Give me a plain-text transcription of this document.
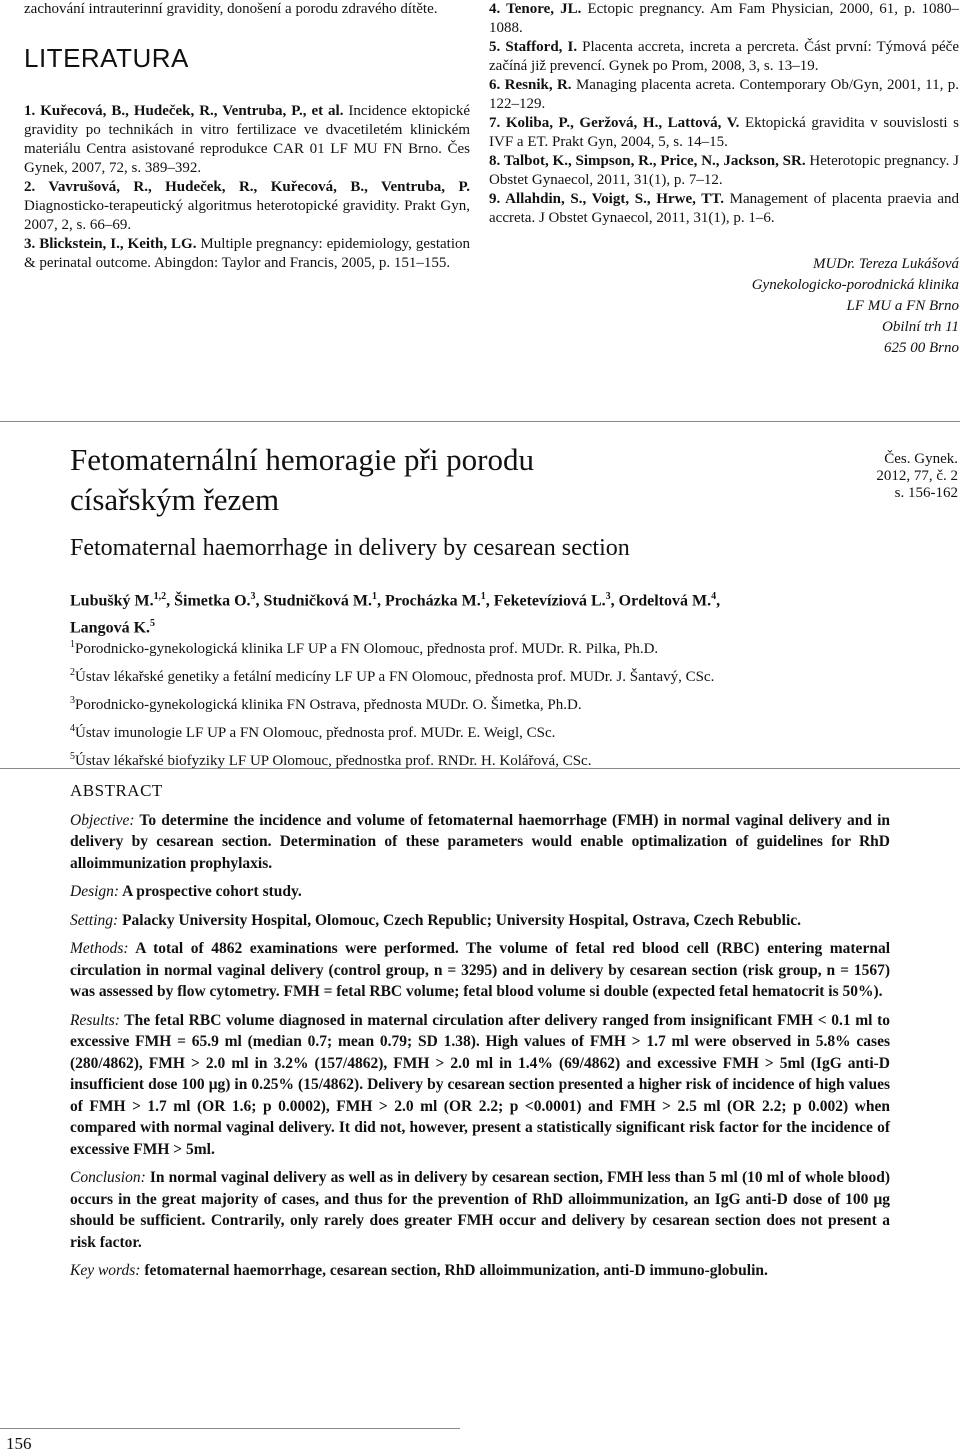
zachování intrauterinní gravidity, donošení a porodu zdravého dítěte.
LITERATURA

1. Kuřecová, B., Hudeček, R., Ventruba, P., et al. Incidence ektopické gravidity po technikách in vitro fertilizace ve dvacetiletém klinickém materiálu Centra asistované reprodukce CAR 01 LF MU FN Brno. Čes Gynek, 2007, 72, s. 389–392.

2. Vavrušová, R., Hudeček, R., Kuřecová, B., Ventruba, P. Diagnosticko-terapeutický algoritmus heterotopické gravidity. Prakt Gyn, 2007, 2, s. 66–69.

3. Blickstein, I., Keith, LG. Multiple pregnancy: epidemiology, gestation & perinatal outcome. Abingdon: Taylor and Francis, 2005, p. 151–155.

4. Tenore, JL. Ectopic pregnancy. Am Fam Physician, 2000, 61, p. 1080–1088.

5. Stafford, I. Placenta accreta, increta a percreta. Část první: Týmová péče začíná již prevencí. Gynek po Prom, 2008, 3, s. 13–19.

6. Resnik, R. Managing placenta acreta. Contemporary Ob/Gyn, 2001, 11, p. 122–129.

7. Koliba, P., Geržová, H., Lattová, V. Ektopická gravidita v souvislosti s IVF a ET. Prakt Gyn, 2004, 5, s. 14–15.

8. Talbot, K., Simpson, R., Price, N., Jackson, SR. Heterotopic pregnancy. J Obstet Gynaecol, 2011, 31(1), p. 7–12.

9. Allahdin, S., Voigt, S., Hrwe, TT. Management of placenta praevia and accreta. J Obstet Gynaecol, 2011, 31(1), p. 1–6.

MUDr. Tereza Lukášová
Gynekologicko-porodnická klinika
LF MU a FN Brno
Obilní trh 11
625 00 Brno
Fetomaternální hemoragie při porodu
císařským řezem
Fetomaternal haemorrhage in delivery by cesarean section
Čes. Gynek.
2012, 77, č. 2
s. 156-162
Lubušký M.$^{1,2}$, Šimetka O.$^3$, Studničková M.$^1$, Procházka M.$^1$, Feketevíziová L.$^3$, Ordeltová M.$^4$,
Langová K.$^5$
$^1$Porodnicko-gynekologická klinika LF UP a FN Olomouc, přednosta prof. MUDr. R. Pilka, Ph.D.
$^2$Ústav lékařské genetiky a fetální medicíny LF UP a FN Olomouc, přednosta prof. MUDr. J. Šantavý, CSc.
$^3$Porodnicko-gynekologická klinika FN Ostrava, přednosta MUDr. O. Šimetka, Ph.D.
$^4$Ústav imunologie LF UP a FN Olomouc, přednosta prof. MUDr. E. Weigl, CSc.
$^5$Ústav lékařské biofyziky LF UP Olomouc, přednostka prof. RNDr. H. Kolářová, CSc.
ABSTRACT

Objective: To determine the incidence and volume of fetomaternal haemorrhage (FMH) in normal vaginal delivery and in delivery by cesarean section. Determination of these parameters would enable optimalization of guidelines for RhD alloimmunization prophylaxis.

Design: A prospective cohort study.

Setting: Palacky University Hospital, Olomouc, Czech Republic; University Hospital, Ostrava, Czech Rebublic.

Methods: A total of 4862 examinations were performed. The volume of fetal red blood cell (RBC) entering maternal circulation in normal vaginal delivery (control group, n = 3295) and in delivery by cesarean section (risk group, n = 1567) was assessed by flow cytometry. FMH = fetal RBC volume; fetal blood volume si double (expected fetal hematocrit is 50%).

Results: The fetal RBC volume diagnosed in maternal circulation after delivery ranged from insignificant FMH < 0.1 ml to excessive FMH = 65.9 ml (median 0.7; mean 0.79; SD 1.38). High values of FMH > 1.7 ml were observed in 5.8% cases (280/4862), FMH > 2.0 ml in 3.2% (157/4862), FMH > 2.0 ml in 1.4% (69/4862) and excessive FMH > 5ml (IgG anti-D insufficient dose 100 μg) in 0.25% (15/4862). Delivery by cesarean section presented a higher risk of incidence of high values of FMH > 1.7 ml (OR 1.6; p 0.0002), FMH > 2.0 ml (OR 2.2; p <0.0001) and FMH > 2.5 ml (OR 2.2; p 0.002) when compared with normal vaginal delivery. It did not, however, present a statistically significant risk factor for the incidence of excessive FMH > 5ml.

Conclusion: In normal vaginal delivery as well as in delivery by cesarean section, FMH less than 5 ml (10 ml of whole blood) occurs in the great majority of cases, and thus for the prevention of RhD alloimmunization, an IgG anti-D dose of 100 μg should be sufficient. Contrarily, only rarely does greater FMH occur and delivery by cesarean section does not present a risk factor.

Key words: fetomaternal haemorrhage, cesarean section, RhD alloimmunization, anti-D immuno-globulin.

156
